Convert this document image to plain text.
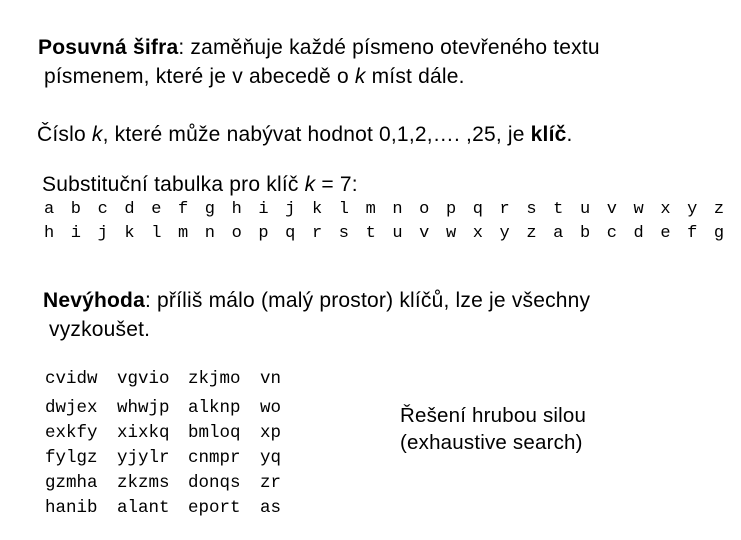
Posuvná šifra: zaměňuje každé písmeno otevřeného textu písmenem, které je v abecedě o k míst dále.
Číslo k, které může nabývat hodnot 0,1,2,…. ,25, je klíč.
Substituční tabulka pro klíč k = 7:
a b c d e f g h i j k l m n o p q r s t u v w x y z
h i j k l m n o p q r s t u v w x y z a b c d e f g
Nevýhoda: příliš málo (malý prostor) klíčů, lze je všechny vyzkoušet.
cvidw
dwjex
exkfy
fylgz
gzmha
hanib
vgvio
whwjp
xixkq
yjylr
zkzms
alant
zkjmo
alknp
bmloq
cnmpr
donqs
eport
vn
wo
xp
yq
zr
as
Řešení hrubou silou
(exhaustive search)
